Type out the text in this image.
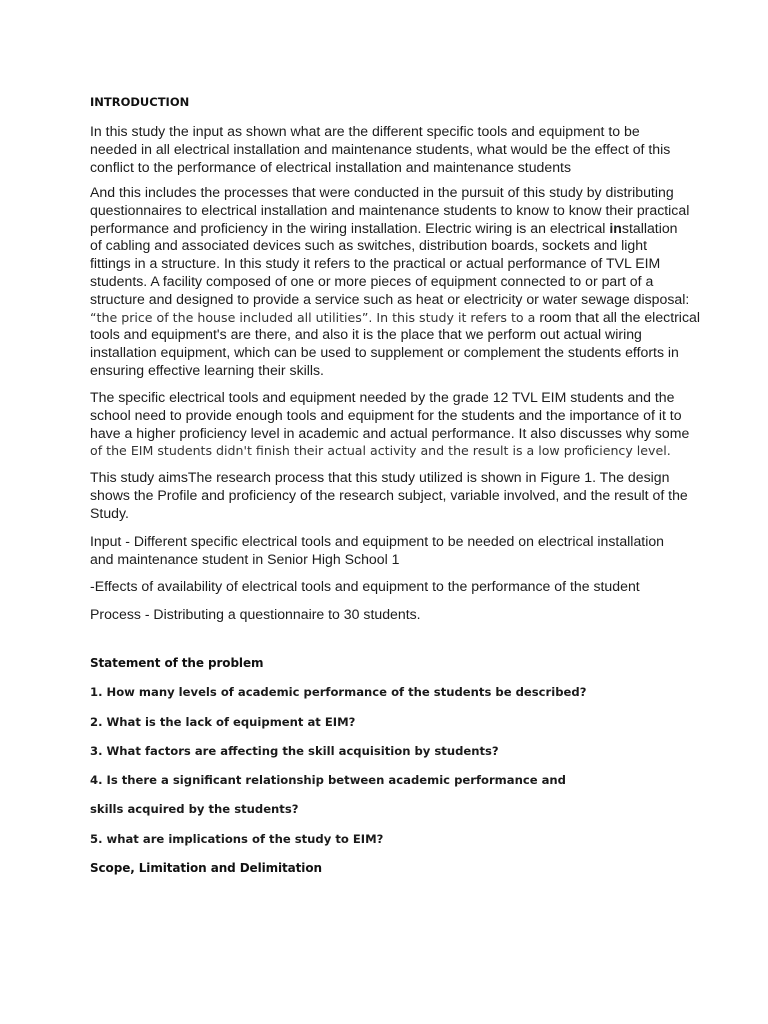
INTRODUCTION
In this study the input as shown what are the different specific tools and equipment to be
needed in all electrical installation and maintenance students, what would be the effect of this
conflict to the performance of electrical installation and maintenance students
And this includes the processes that were conducted in the pursuit of this study by distributing
questionnaires to electrical installation and maintenance students to know to know their practical
performance and proficiency in the wiring installation. Electric wiring is an electrical installation
of cabling and associated devices such as switches, distribution boards, sockets and light
fittings in a structure. In this study it refers to the practical or actual performance of TVL EIM
students. A facility composed of one or more pieces of equipment connected to or part of a
structure and designed to provide a service such as heat or electricity or water sewage disposal:
“the price of the house included all utilities”. In this study it refers to a room that all the electrical
tools and equipment's are there, and also it is the place that we perform out actual wiring
installation equipment, which can be used to supplement or complement the students efforts in
ensuring effective learning their skills.
The specific electrical tools and equipment needed by the grade 12 TVL EIM students and the
school need to provide enough tools and equipment for the students and the importance of it to
have a higher proficiency level in academic and actual performance. It also discusses why some
of the EIM students didn't finish their actual activity and the result is a low proficiency level.
This study aimsThe research process that this study utilized is shown in Figure 1. The design
shows the Profile and proficiency of the research subject, variable involved, and the result of the
Study.
Input - Different specific electrical tools and equipment to be needed on electrical installation
and maintenance student in Senior High School 1
-Effects of availability of electrical tools and equipment to the performance of the student
Process - Distributing a questionnaire to 30 students.
Statement of the problem
1. How many levels of academic performance of the students be described?
2. What is the lack of equipment at EIM?
3. What factors are affecting the skill acquisition by students?
4. Is there a significant relationship between academic performance and
skills acquired by the students?
5. what are implications of the study to EIM?
Scope, Limitation and Delimitation
